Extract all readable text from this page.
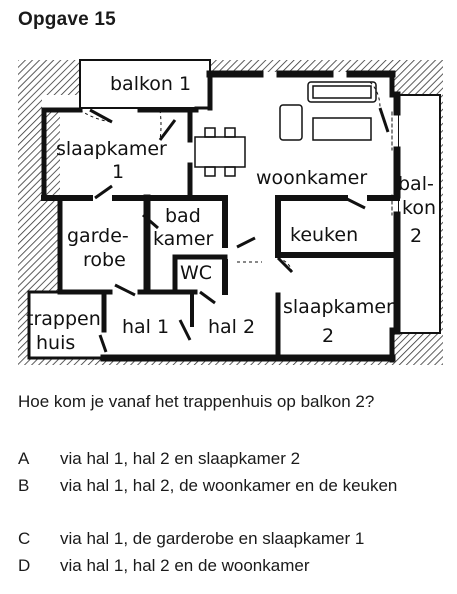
Opgave 15
balkon 1
slaapkamer
1	woonkamer bal-
kon
2
garde-
robe
bad
kamer	keuken
WC
trappen
huis
hal 1 hal 2
slaapkamer
2
Hoe kom je vanaf het trappenhuis op balkon 2?
A	via hal 1, hal 2 en slaapkamer 2
B	via hal 1, hal 2, de woonkamer en de keuken
C	via hal 1, de garderobe en slaapkamer 1
D	via hal 1, hal 2 en de woonkamer
